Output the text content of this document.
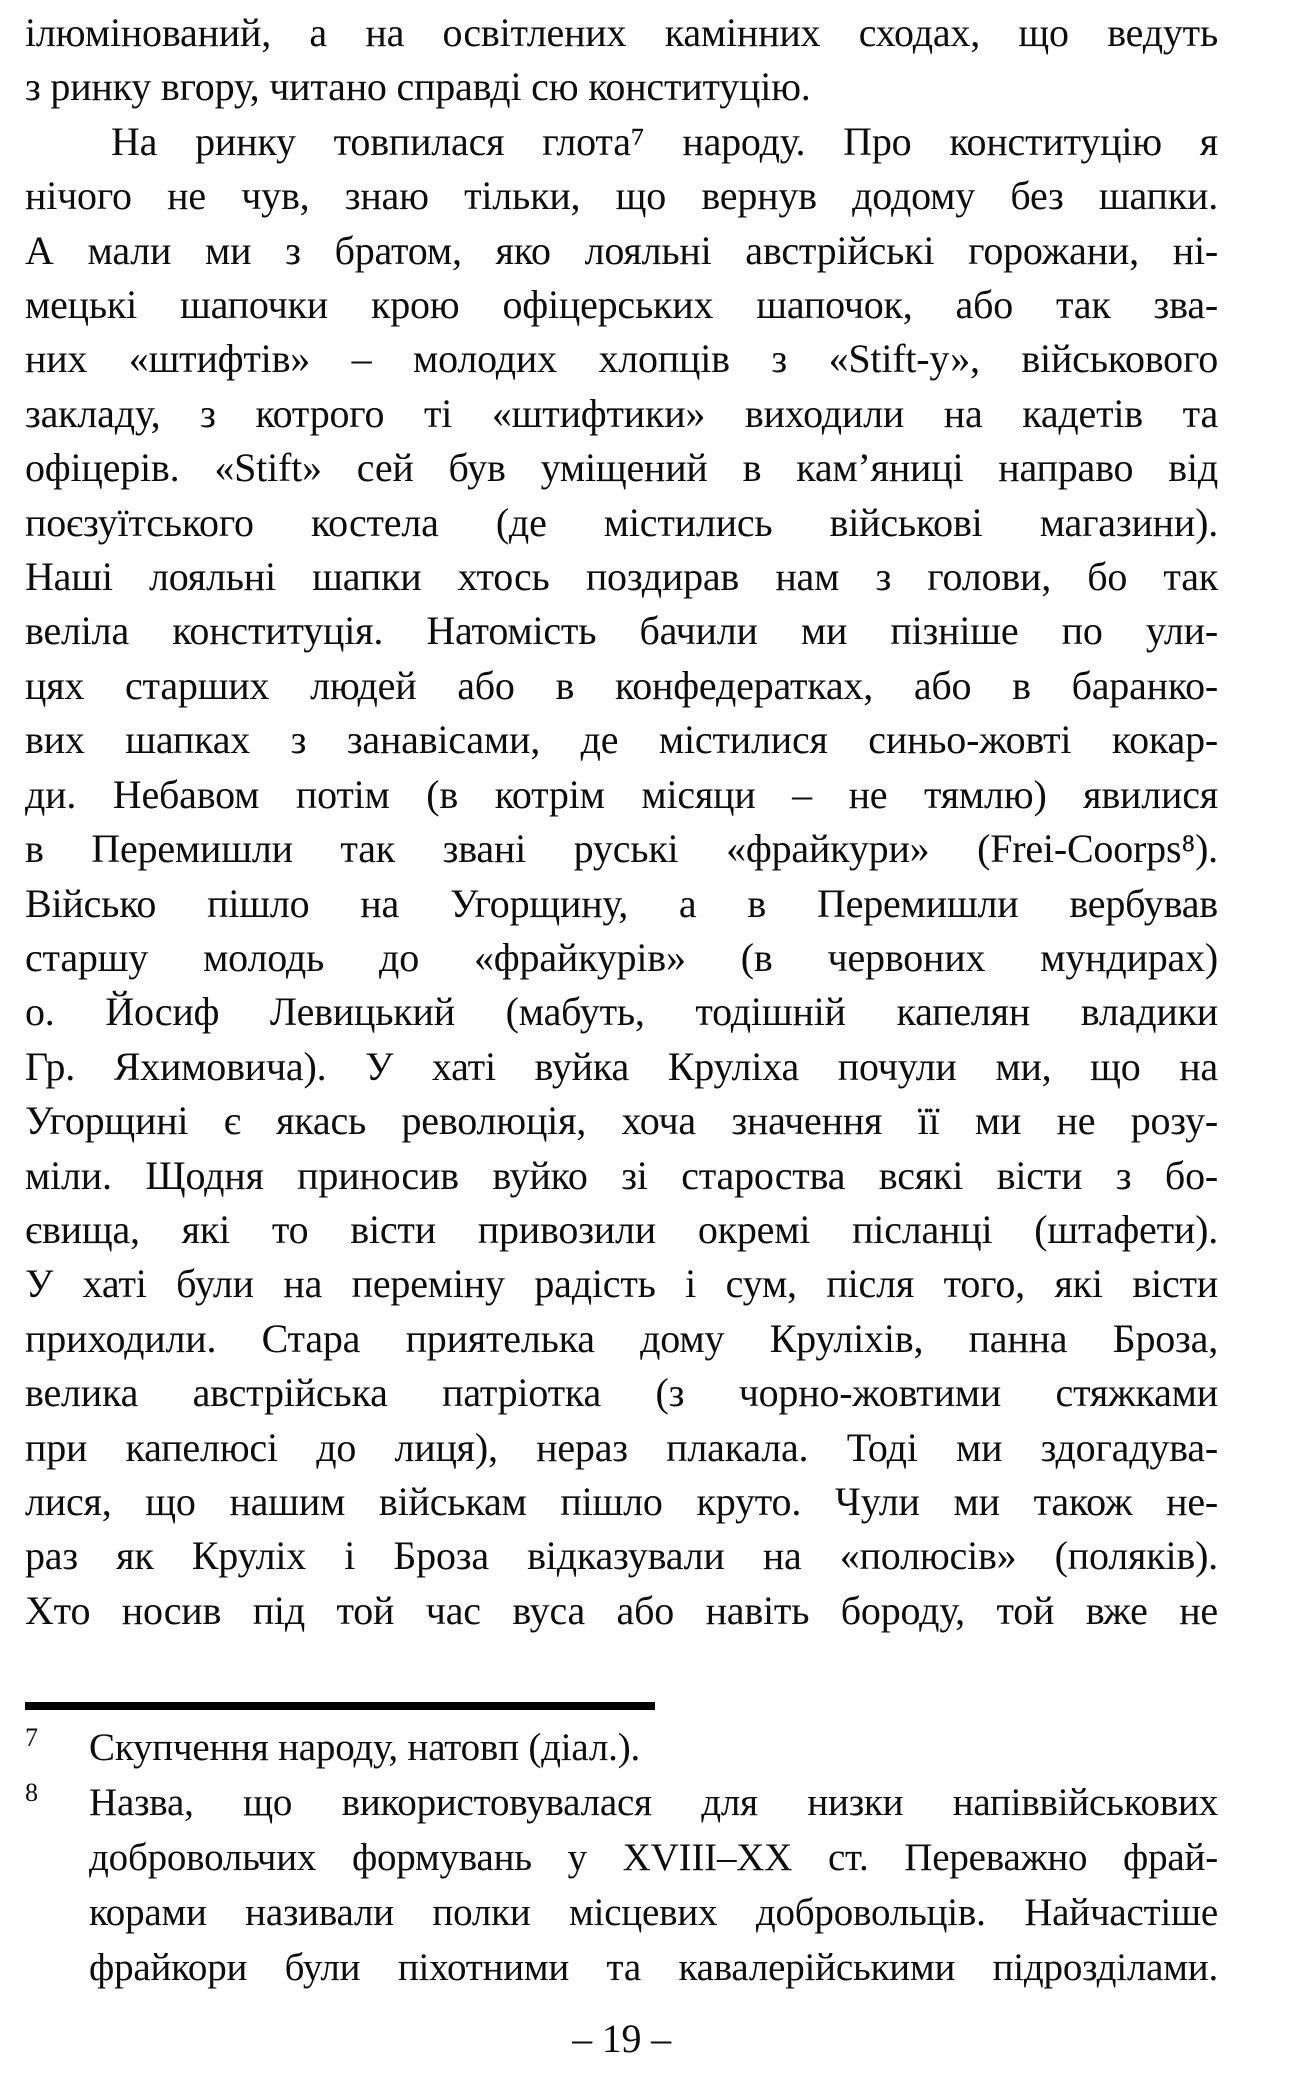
ілюмінований, а на освітлених камінних сходах, що ведуть
з ринку вгору, читано справді сю конституцію.
На ринку товпилася глота⁷ народу. Про конституцію я
нічого не чув, знаю тільки, що вернув додому без шапки.
А мали ми з братом, яко лояльні австрійські горожани, ні-
мецькі шапочки крою офіцерських шапочок, або так зва-
них «штифтів» – молодих хлопців з «Stift-у», військового
закладу, з котрого ті «штифтики» виходили на кадетів та
офіцерів. «Stift» сей був уміщений в кам’яниці направо від
поєзуїтського костела (де містились військові магазини).
Наші лояльні шапки хтось поздирав нам з голови, бо так
веліла конституція. Натомість бачили ми пізніше по ули-
цях старших людей або в конфедератках, або в баранко-
вих шапках з занавісами, де містилися синьо-жовті кокар-
ди. Небавом потім (в котрім місяци – не тямлю) явилися
в Перемишли так звані руські «фрайкури» (Frei-Coorps⁸).
Військо пішло на Угорщину, а в Перемишли вербував
старшу молодь до «фрайкурів» (в червоних мундирах)
о. Йосиф Левицький (мабуть, тодішній капелян владики
Гр. Яхимовича). У хаті вуйка Круліха почули ми, що на
Угорщині є якась революція, хоча значення її ми не розу-
міли. Щодня приносив вуйко зі староства всякі вісти з бо-
євища, які то вісти привозили окремі післанці (штафети).
У хаті були на переміну радість і сум, після того, які вісти
приходили. Стара приятелька дому Круліхів, панна Броза,
велика австрійська патріотка (з чорно-жовтими стяжками
при капелюсі до лиця), нераз плакала. Тоді ми здогадува-
лися, що нашим військам пішло круто. Чули ми також не-
раз як Круліх і Броза відказували на «полюсів» (поляків).
Хто носив під той час вуса або навіть бороду, той вже не
7	Скупчення народу, натовп (діал.).
8	Назва, що використовувалася для низки напіввійськових
добровольчих формувань у XVIII–XX ст. Переважно фрай-
корами називали полки місцевих добровольців. Найчастіше
фрайкори були піхотними та кавалерійськими підрозділами.
– 19 –
